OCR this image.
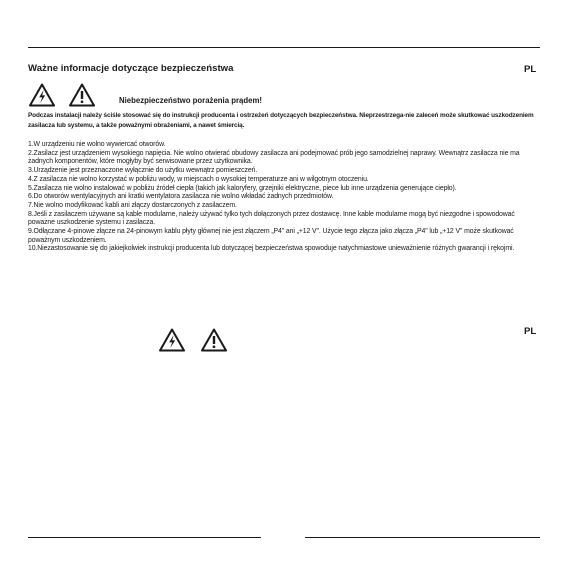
Ważne informacje dotyczące bezpieczeństwa	PL
Niebezpieczeństwo porażenia prądem!
Podczas instalacji należy ściśle stosować się do instrukcji producenta i ostrzeżeń dotyczących bezpieczeństwa. Nieprzestrzega-nie zaleceń może skutkować uszkodzeniem zasilacza lub systemu, a także poważnymi obrażeniami, a nawet śmiercią.
1.W urządzeniu nie wolno wywiercać otworów.
2.Zasilacz jest urządzeniem wysokiego napięcia. Nie wolno otwierać obudowy zasilacza ani podejmować prób jego samodzielnej naprawy. Wewnątrz zasilacza nie ma żadnych komponentów, które mogłyby być serwisowane przez użytkownika.
3.Urządzenie jest przeznaczone wyłącznie do użytku wewnątrz pomieszczeń.
4.Z zasilacza nie wolno korzystać w pobliżu wody, w miejscach o wysokiej temperaturze ani w wilgotnym otoczeniu.
5.Zasilacza nie wolno instalować w pobliżu źródeł ciepła (takich jak kaloryfery, grzejniki elektryczne, piece lub inne urządzenia generujące ciepło).
6.Do otworów wentylacyjnych ani kratki wentylatora zasilacza nie wolno wkładać żadnych przedmiotów.
7.Nie wolno modyfikować kabli ani złączy dostarczonych z zasilaczem.
8.Jeśli z zasilaczem używane są kable modularne, należy używać tylko tych dołączonych przez dostawcę. Inne kable modularne mogą być niezgodne i spowodować poważne uszkodzenie systemu i zasilacza.
9.Odłączane 4-pinowe złącze na 24-pinowym kablu płyty głównej nie jest złączem „P4" ani „+12 V". Użycie tego złącza jako złącza „P4" lub „+12 V" może skutkować poważnym uszkodzeniem.
10.Niezastosowanie się do jakiejkolwiek instrukcji producenta lub dotyczącej bezpieczeństwa spowoduje natychmiastowe unieważnienie różnych gwarancji i rękojmi.
PL
